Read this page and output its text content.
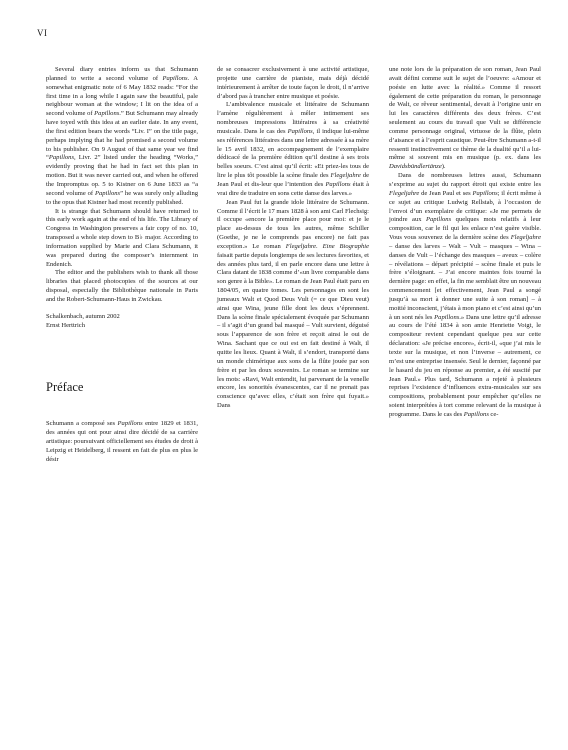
VI

Several diary entries inform us that Schumann planned to write a second volume of Papillons. A somewhat enigmatic note of 6 May 1832 reads: “For the first time in a long while I again saw the beautiful, pale neighbour woman at the window; I lit on the idea of a second volume of Papillons.” But Schumann may already have toyed with this idea at an earlier date. In any event, the first edition bears the words “Liv. I” on the title page, perhaps implying that he had promised a second volume to his publisher. On 9 August of that same year we find “Papillons, Livr. 2” listed under the heading “Works,” evidently proving that he had in fact set this plan in motion. But it was never carried out, and when he offered the Impromptus op. 5 to Kistner on 6 June 1833 as “a second volume of Papillons” he was surely only alluding to the opus that Kistner had most recently published.

It is strange that Schumann should have returned to this early work again at the end of his life. The Library of Congress in Washington preserves a fair copy of no. 10, transposed a whole step down to B♭ major. According to information supplied by Marie and Clara Schumann, it was prepared during the composer’s internment in Endenich.

The editor and the publishers wish to thank all those libraries that placed photocopies of the sources at our disposal, especially the Bibliothèque nationale in Paris and the Robert-Schumann-Haus in Zwickau.

Schalkenbach, autumn 2002

Ernst Herttrich

Préface

Schumann a composé ses Papillons entre 1829 et 1831, des années qui ont pour ainsi dire décidé de sa carrière artistique: poursuivant officiellement ses études de droit à Leipzig et Heidelberg, il ressent en fait de plus en plus le désir

de se consacrer exclusivement à une activité artistique, projette une carrière de pianiste, mais déjà décidé intérieurement à arrêter de toute façon le droit, il n’arrive d’abord pas à trancher entre musique et poésie.

L’ambivalence musicale et littéraire de Schumann l’amène régulièrement à mêler intimement ses nombreuses impressions littéraires à sa créativité musicale. Dans le cas des Papillons, il indique lui-même ses références littéraires dans une lettre adressée à sa mère le 15 avril 1832, en accompagnement de l’exemplaire dédicacé de la première édition qu’il destine à ses trois belles soeurs. C’est ainsi qu’il écrit: «Et priez-les tous de lire le plus tôt possible la scène finale des Flegeljahre de Jean Paul et dis-leur que l’intention des Papillons était à vrai dire de traduire en sons cette danse des larves.»

Jean Paul fut la grande idole littéraire de Schumann. Comme il l’écrit le 17 mars 1828 à son ami Carl Flechsig: il occupe «encore la première place pour moi: et je le place au-dessus de tous les autres, même Schiller (Goethe, je ne le comprends pas encore) ne fait pas exception.» Le roman Flegeljahre. Eine Biographie faisait partie depuis longtemps de ses lectures favorites, et des années plus tard, il en parle encore dans une lettre à Clara datant de 1838 comme d’«un livre comparable dans son genre à la Bible». Le roman de Jean Paul était paru en 1804/05, en quatre tomes. Les personnages en sont les jumeaux Walt et Quod Deus Vult (= ce que Dieu veut) ainsi que Wina, jeune fille dont les deux s’éprennent. Dans la scène finale spécialement évoquée par Schumann – il s’agit d’un grand bal masqué – Vult survient, déguisé sous l’apparence de son frère et reçoit ainsi le oui de Wina. Sachant que ce oui est en fait destiné à Walt, il quitte les lieux. Quant à Walt, il s’endort, transporté dans un monde chimérique aux sons de la flûte jouée par son frère et par les doux souvenirs. Le roman se termine sur les mots: «Ravi, Walt entendit, lui parvenant de la venelle encore, les sonorités évanescentes, car il ne prenait pas conscience qu’avec elles, c’était son frère qui fuyait.» Dans

une note lors de la préparation de son roman, Jean Paul avait défini comme suit le sujet de l’oeuvre: «Amour et poésie en lutte avec la réalité.» Comme il ressort également de cette préparation du roman, le personnage de Walt, ce rêveur sentimental, devait à l’origine unir en lui les caractères différents des deux frères. C’est seulement au cours du travail que Vult se différencie comme personnage original, virtuose de la flûte, plein d’aisance et à l’esprit caustique. Peut-être Schumann a-t-il ressenti instinctivement ce thème de la dualité qu’il a lui-même si souvent mis en musique (p. ex. dans les Davidsbündlertänze).

Dans de nombreuses lettres aussi, Schumann s’exprime au sujet du rapport étroit qui existe entre les Flegeljahre de Jean Paul et ses Papillons; il écrit même à ce sujet au critique Ludwig Rellstab, à l’occasion de l’envoi d’un exemplaire de critique: «Je me permets de joindre aux Papillons quelques mots relatifs à leur composition, car le fil qui les enlace n’est guère visible. Vous vous souvenez de la dernière scène des Flegeljahre – danse des larves – Walt – Vult – masques – Wina – danses de Vult – l’échange des masques – aveux – colère – révélations – départ précipité – scène finale et puis le frère s’éloignant. – J’ai encore maintes fois tourné la dernière page: en effet, la fin me semblait être un nouveau commencement [et effectivement, Jean Paul a songé jusqu’à sa mort à donner une suite à son roman] – à moitié inconscient, j’étais à mon piano et c’est ainsi qu’un à un sont nés les Papillons.» Dans une lettre qu’il adresse au cours de l’été 1834 à son amie Henriette Voigt, le compositeur revient cependant quelque peu sur cette déclaration: «Je précise encore», écrit-il, «que j’ai mis le texte sur la musique, et non l’inverse – autrement, ce m’est une entreprise insensée. Seul le dernier, façonné par le hasard du jeu en réponse au premier, a été suscité par Jean Paul.» Plus tard, Schumann a rejeté à plusieurs reprises l’existence d’influences extra-musicales sur ses compositions, probablement pour empêcher qu’elles ne soient interprétées à tort comme relevant de la musique à programme. Dans le cas des Papillons ce-
